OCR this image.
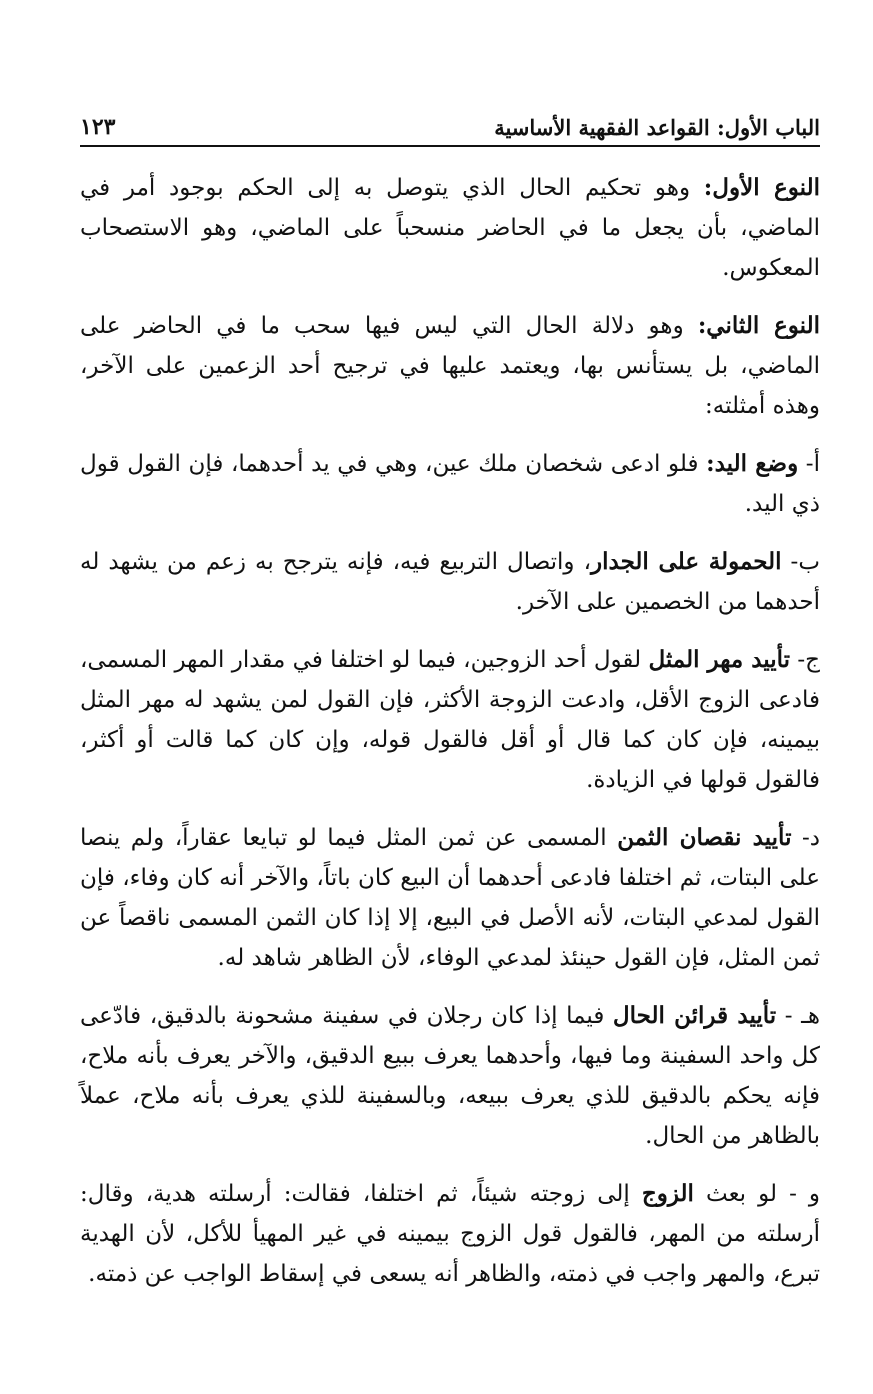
الباب الأول: القواعد الفقهية الأساسية
١٢٣

النوع الأول: وهو تحكيم الحال الذي يتوصل به إلى الحكم بوجود أمر في الماضي، بأن يجعل ما في الحاضر منسحباً على الماضي، وهو الاستصحاب المعكوس.

النوع الثاني: وهو دلالة الحال التي ليس فيها سحب ما في الحاضر على الماضي، بل يستأنس بها، ويعتمد عليها في ترجيح أحد الزعمين على الآخر، وهذه أمثلته:

أ- وضع اليد: فلو ادعى شخصان ملك عين، وهي في يد أحدهما، فإن القول قول ذي اليد.

ب- الحمولة على الجدار، واتصال التربيع فيه، فإنه يترجح به زعم من يشهد له أحدهما من الخصمين على الآخر.

ج- تأييد مهر المثل لقول أحد الزوجين، فيما لو اختلفا في مقدار المهر المسمى، فادعى الزوج الأقل، وادعت الزوجة الأكثر، فإن القول لمن يشهد له مهر المثل بيمينه، فإن كان كما قال أو أقل فالقول قوله، وإن كان كما قالت أو أكثر، فالقول قولها في الزيادة.

د- تأييد نقصان الثمن المسمى عن ثمن المثل فيما لو تبايعا عقاراً، ولم ينصا على البتات، ثم اختلفا فادعى أحدهما أن البيع كان باتاً، والآخر أنه كان وفاء، فإن القول لمدعي البتات، لأنه الأصل في البيع، إلا إذا كان الثمن المسمى ناقصاً عن ثمن المثل، فإن القول حينئذ لمدعي الوفاء، لأن الظاهر شاهد له.

هـ - تأييد قرائن الحال فيما إذا كان رجلان في سفينة مشحونة بالدقيق، فادّعى كل واحد السفينة وما فيها، وأحدهما يعرف ببيع الدقيق، والآخر يعرف بأنه ملاح، فإنه يحكم بالدقيق للذي يعرف ببيعه، وبالسفينة للذي يعرف بأنه ملاح، عملاً بالظاهر من الحال.

و - لو بعث الزوج إلى زوجته شيئاً، ثم اختلفا، فقالت: أرسلته هدية، وقال: أرسلته من المهر، فالقول قول الزوج بيمينه في غير المهيأ للأكل، لأن الهدية تبرع، والمهر واجب في ذمته، والظاهر أنه يسعى في إسقاط الواجب عن ذمته.
